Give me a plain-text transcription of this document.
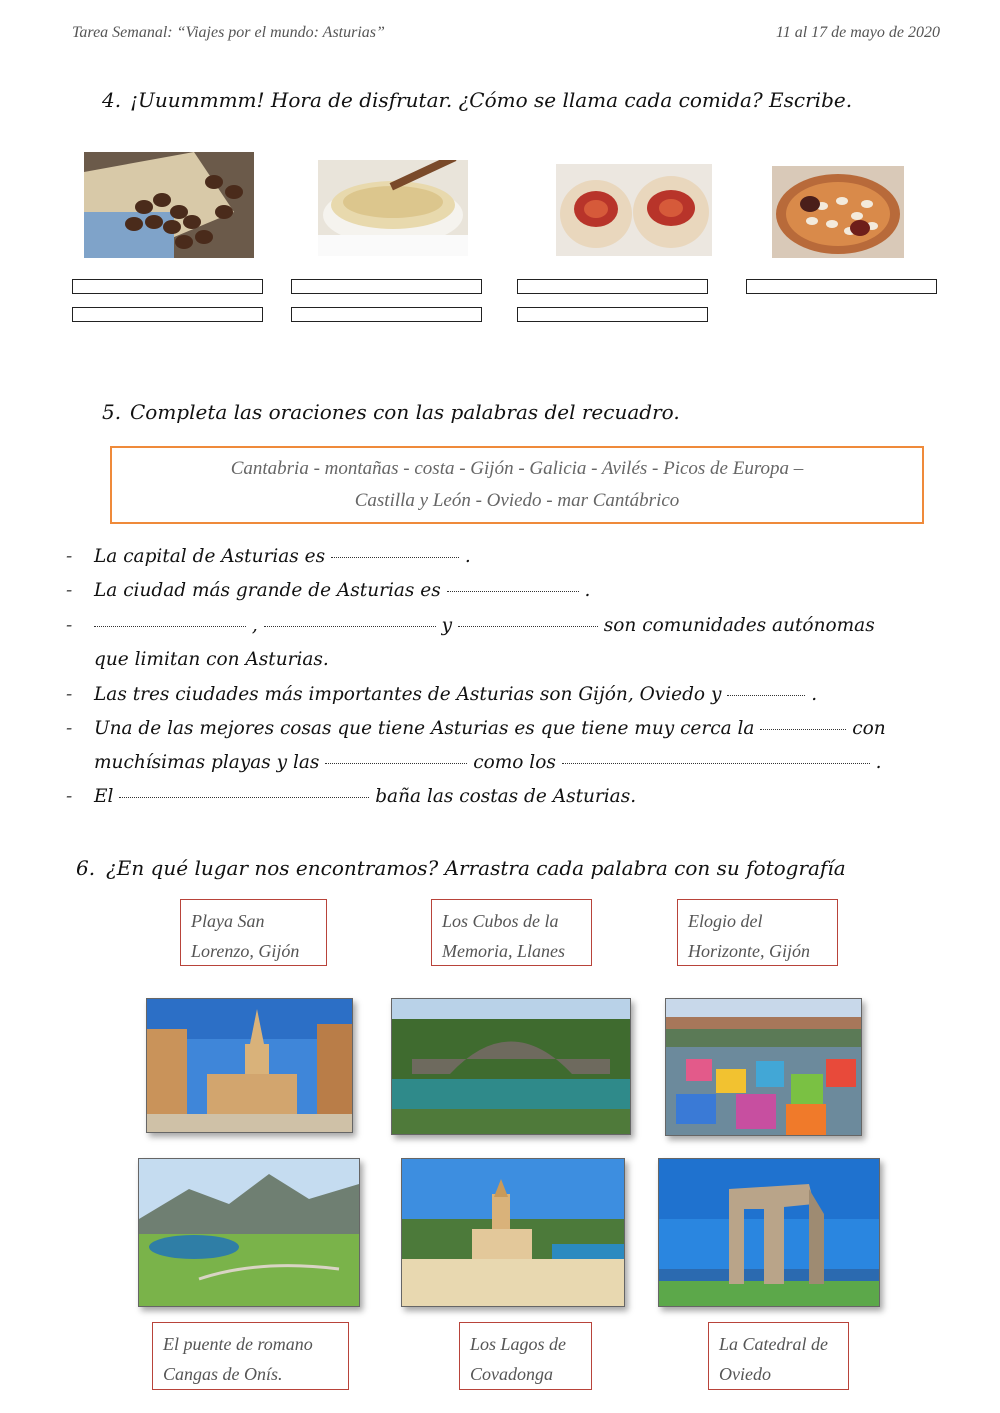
Tarea Semanal: “Viajes por el mundo: Asturias”	11 al 17 de mayo de 2020
4. ¡Uuummmm! Hora de disfrutar. ¿Cómo se llama cada comida? Escribe.
5. Completa las oraciones con las palabras del recuadro.
Cantabria - montañas - costa - Gijón - Galicia - Avilés - Picos de Europa –
Castilla y León - Oviedo - mar Cantábrico
- La capital de Asturias es	.
- La ciudad más grande de Asturias es	.
-	,	y	son comunidades autónomas
que limitan con Asturias.
- Las tres ciudades más importantes de Asturias son Gijón, Oviedo y	.
- Una de las mejores cosas que tiene Asturias es que tiene muy cerca la	con
muchísimas playas y las	como los	.
- El	baña las costas de Asturias.
6. ¿En qué lugar nos encontramos? Arrastra cada palabra con su fotografía
Playa San
Lorenzo, Gijón
Los Cubos de la
Memoria, Llanes
Elogio del
Horizonte, Gijón
El puente de romano
Cangas de Onís.
Los Lagos de
Covadonga
La Catedral de
Oviedo
